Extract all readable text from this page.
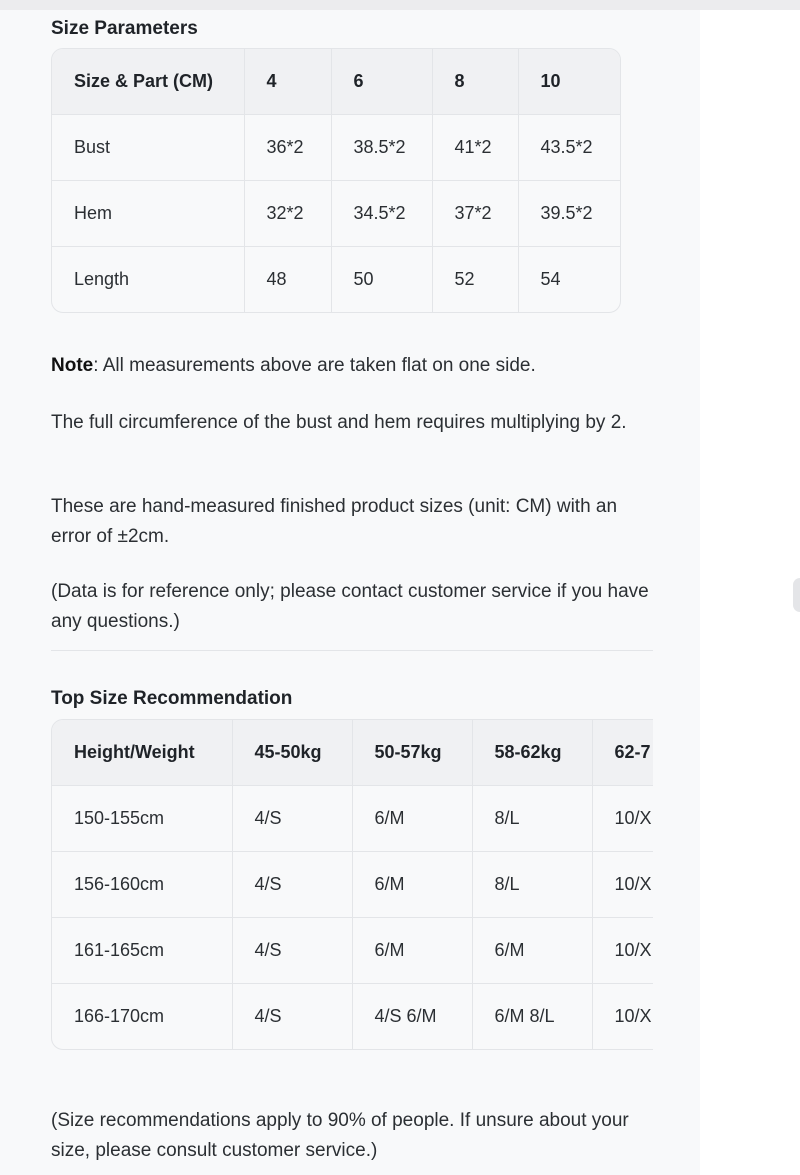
Size Parameters
Size & Part (CM)	4	6	8	10
Bust	36*2	38.5*2	41*2	43.5*2
Hem	32*2	34.5*2	37*2	39.5*2
Length	48	50	52	54

Note: All measurements above are taken flat on one side.

The full circumference of the bust and hem requires multiplying by 2.

These are hand-measured finished product sizes (unit: CM) with an error of ±2cm.

(Data is for reference only; please contact customer service if you have any questions.)

Top Size Recommendation
Height/Weight	45-50kg	50-57kg	58-62kg	62-7
150-155cm	4/S	6/M	8/L	10/X
156-160cm	4/S	6/M	8/L	10/X
161-165cm	4/S	6/M	6/M	10/X
166-170cm	4/S	4/S 6/M	6/M 8/L	10/X

(Size recommendations apply to 90% of people. If unsure about your size, please consult customer service.)
